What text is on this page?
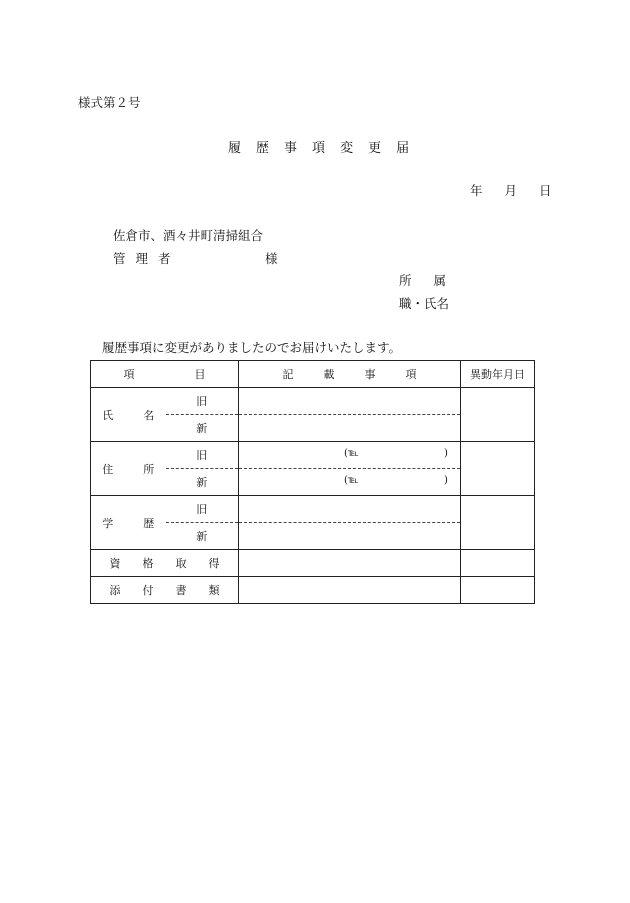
様式第２号
履 歴 事 項 変 更 届
年 月 日
佐倉市、酒々井町清掃組合
管 理 者	様
所 属
職・氏名
履歴事項に変更がありましたのでお届けいたします。
項 目		記 載 事 項	異動年月日
氏 名	旧		
	新		
住 所	旧	(℡ )	

	新	(℡ )	

学 歴	旧		
	新		
資 格 取 得			
添 付 書 類			
